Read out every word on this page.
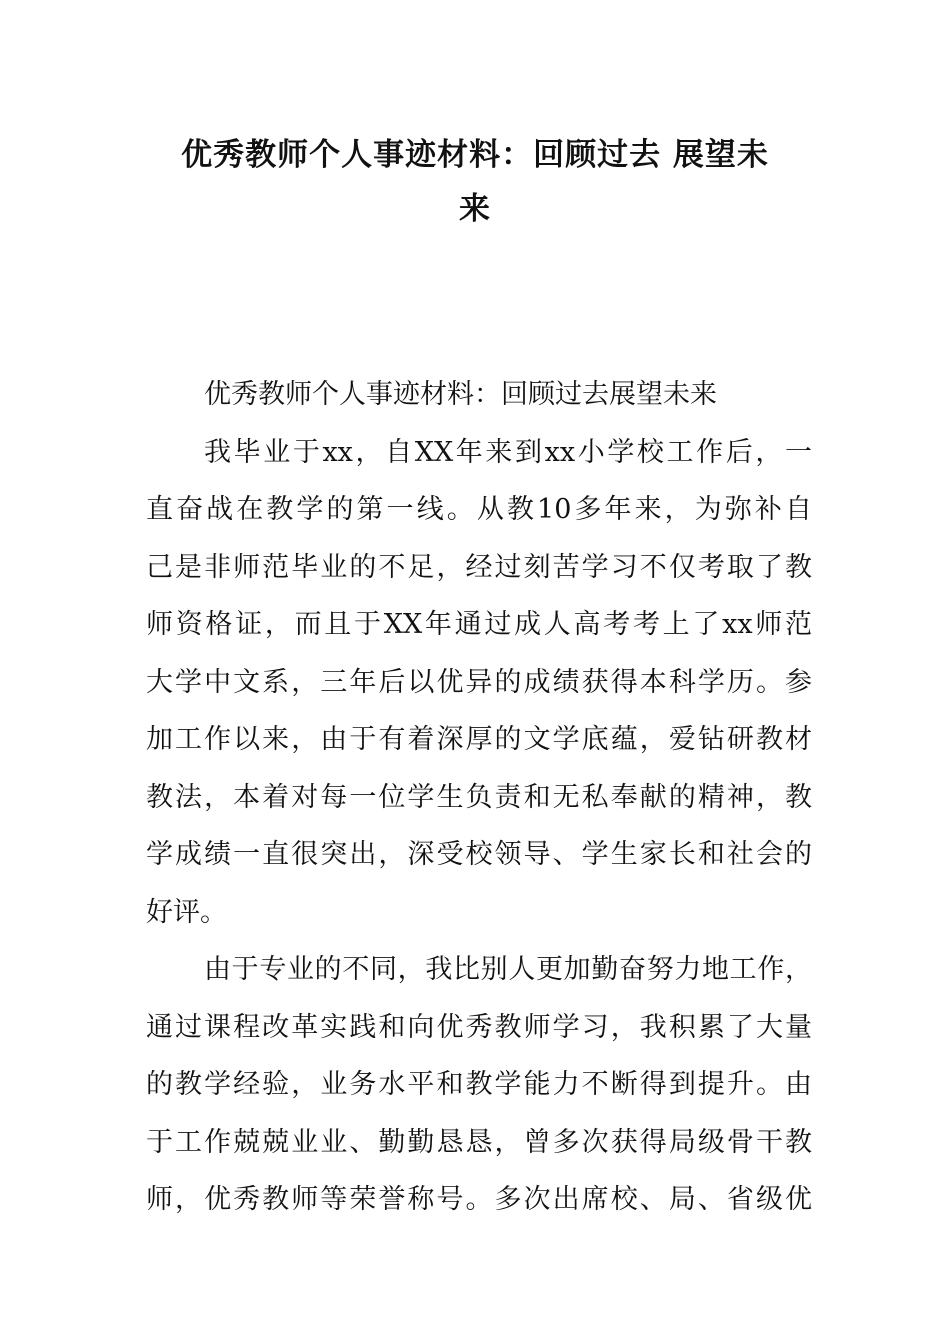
优秀教师个人事迹材料：回顾过去 展望未
来
优秀教师个人事迹材料：回顾过去展望未来
我毕业于xx，自XX年来到xx小学校工作后，一
直奋战在教学的第一线。从教10多年来，为弥补自
己是非师范毕业的不足，经过刻苦学习不仅考取了教
师资格证，而且于XX年通过成人高考考上了xx师范
大学中文系，三年后以优异的成绩获得本科学历。参
加工作以来，由于有着深厚的文学底蕴，爱钻研教材
教法，本着对每一位学生负责和无私奉献的精神，教
学成绩一直很突出，深受校领导、学生家长和社会的
好评。
由于专业的不同，我比别人更加勤奋努力地工作，
通过课程改革实践和向优秀教师学习，我积累了大量
的教学经验，业务水平和教学能力不断得到提升。由
于工作兢兢业业、勤勤恳恳，曾多次获得局级骨干教
师，优秀教师等荣誉称号。多次出席校、局、省级优
